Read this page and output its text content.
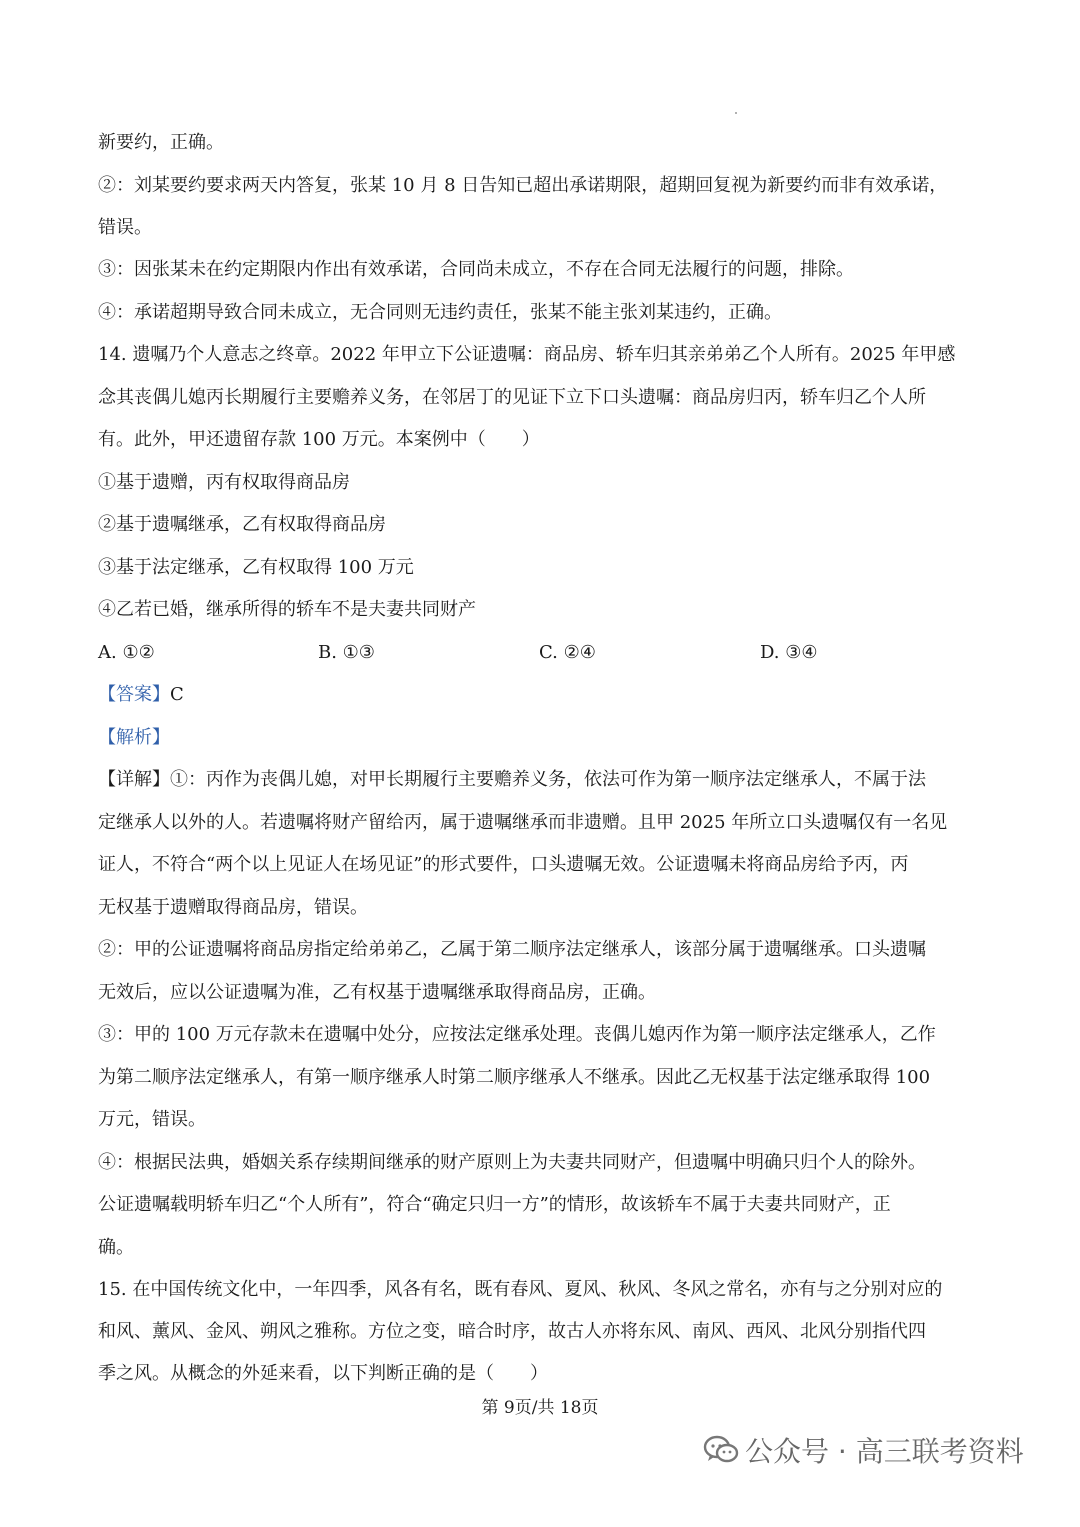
新要约，正确。
②：刘某要约要求两天内答复，张某 10 月 8 日告知已超出承诺期限，超期回复视为新要约而非有效承诺，
错误。
③：因张某未在约定期限内作出有效承诺，合同尚未成立，不存在合同无法履行的问题，排除。
④：承诺超期导致合同未成立，无合同则无违约责任，张某不能主张刘某违约，正确。
14. 遗嘱乃个人意志之终章。2022 年甲立下公证遗嘱：商品房、轿车归其亲弟弟乙个人所有。2025 年甲感
念其丧偶儿媳丙长期履行主要赡养义务，在邻居丁的见证下立下口头遗嘱：商品房归丙，轿车归乙个人所
有。此外，甲还遗留存款 100 万元。本案例中（　　）
①基于遗赠，丙有权取得商品房
②基于遗嘱继承，乙有权取得商品房
③基于法定继承，乙有权取得 100 万元
④乙若已婚，继承所得的轿车不是夫妻共同财产
A. ①②	B. ①③	C. ②④	D. ③④
【答案】C
【解析】
【详解】①：丙作为丧偶儿媳，对甲长期履行主要赡养义务，依法可作为第一顺序法定继承人，不属于法
定继承人以外的人。若遗嘱将财产留给丙，属于遗嘱继承而非遗赠。且甲 2025 年所立口头遗嘱仅有一名见
证人，不符合“两个以上见证人在场见证”的形式要件，口头遗嘱无效。公证遗嘱未将商品房给予丙，丙
无权基于遗赠取得商品房，错误。
②：甲的公证遗嘱将商品房指定给弟弟乙，乙属于第二顺序法定继承人，该部分属于遗嘱继承。口头遗嘱
无效后，应以公证遗嘱为准，乙有权基于遗嘱继承取得商品房，正确。
③：甲的 100 万元存款未在遗嘱中处分，应按法定继承处理。丧偶儿媳丙作为第一顺序法定继承人，乙作
为第二顺序法定继承人，有第一顺序继承人时第二顺序继承人不继承。因此乙无权基于法定继承取得 100
万元，错误。
④：根据民法典，婚姻关系存续期间继承的财产原则上为夫妻共同财产，但遗嘱中明确只归个人的除外。
公证遗嘱载明轿车归乙“个人所有”，符合“确定只归一方”的情形，故该轿车不属于夫妻共同财产，正
确。
15. 在中国传统文化中，一年四季，风各有名，既有春风、夏风、秋风、冬风之常名，亦有与之分别对应的
和风、薰风、金风、朔风之雅称。方位之变，暗合时序，故古人亦将东风、南风、西风、北风分别指代四
第 9页/共 18页
公众号 · 高三联考资料
季之风。从概念的外延来看，以下判断正确的是（　　）
